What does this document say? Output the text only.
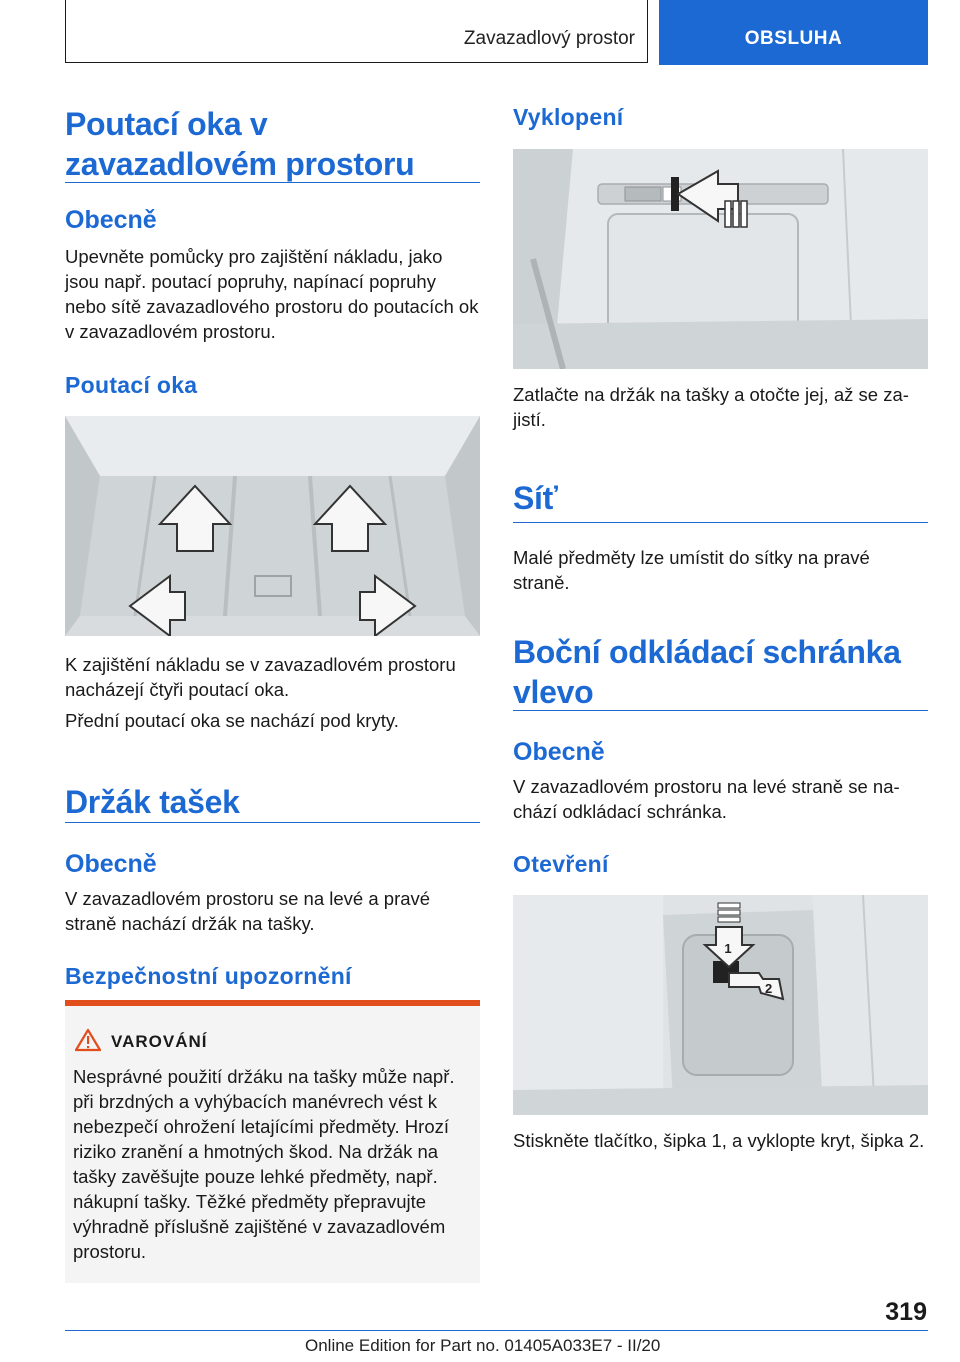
Zavazadlový prostor	OBSLUHA
Poutací oka v
zavazadlovém prostoru
Obecně
Upevněte pomůcky pro zajištění nákladu, jako jsou např. poutací popruhy, napínací popruhy nebo sítě zavazadlového prostoru do poutacích ok v zavazadlovém prostoru.
Poutací oka
K zajištění nákladu se v zavazadlovém prostoru nacházejí čtyři poutací oka.
Přední poutací oka se nachází pod kryty.
Držák tašek
Obecně
V zavazadlovém prostoru se na levé a pravé straně nachází držák na tašky.
Bezpečnostní upozornění
VAROVÁNÍ
Nesprávné použití držáku na tašky může např. při brzdných a vyhýbacích manévrech vést k nebezpečí ohrožení letajícími předměty. Hrozí riziko zranění a hmotných škod. Na držák na tašky zavěšujte pouze lehké předměty, např. nákupní tašky. Těžké předměty přepravujte výhradně příslušně zajištěné v zavazadlovém prostoru.
Vyklopení
Zatlačte na držák na tašky a otočte jej, až se zajistí.
Síť
Malé předměty lze umístit do sítky na pravé straně.
Boční odkládací schránka
vlevo
Obecně
V zavazadlovém prostoru na levé straně se nachází odkládací schránka.
Otevření
1
2
Stiskněte tlačítko, šipka 1, a vyklopte kryt, šipka 2.
319
Online Edition for Part no. 01405A033E7 - II/20
